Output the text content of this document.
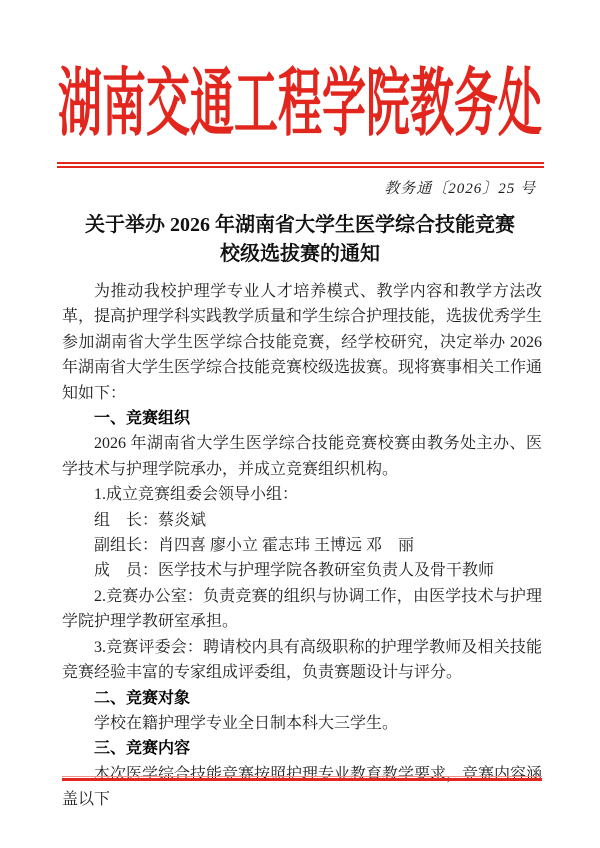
湖南交通工程学院教务处
教务通〔2026〕25 号
关于举办 2026 年湖南省大学生医学综合技能竞赛
校级选拔赛的通知

为推动我校护理学专业人才培养模式、教学内容和教学方法改革，提高护理学科实践教学质量和学生综合护理技能，选拔优秀学生参加湖南省大学生医学综合技能竞赛，经学校研究，决定举办 2026 年湖南省大学生医学综合技能竞赛校级选拔赛。现将赛事相关工作通知如下：

一、竞赛组织

2026 年湖南省大学生医学综合技能竞赛校赛由教务处主办、医学技术与护理学院承办，并成立竞赛组织机构。

1.成立竞赛组委会领导小组：

组　长：蔡炎斌

副组长：肖四喜 廖小立 霍志玮 王博远 邓　丽

成　员：医学技术与护理学院各教研室负责人及骨干教师

2.竞赛办公室：负责竞赛的组织与协调工作，由医学技术与护理学院护理学教研室承担。

3.竞赛评委会：聘请校内具有高级职称的护理学教师及相关技能竞赛经验丰富的专家组成评委组，负责赛题设计与评分。

二、竞赛对象

学校在籍护理学专业全日制本科大三学生。

三、竞赛内容

本次医学综合技能竞赛按照护理专业教育教学要求，竞赛内容涵盖以下
